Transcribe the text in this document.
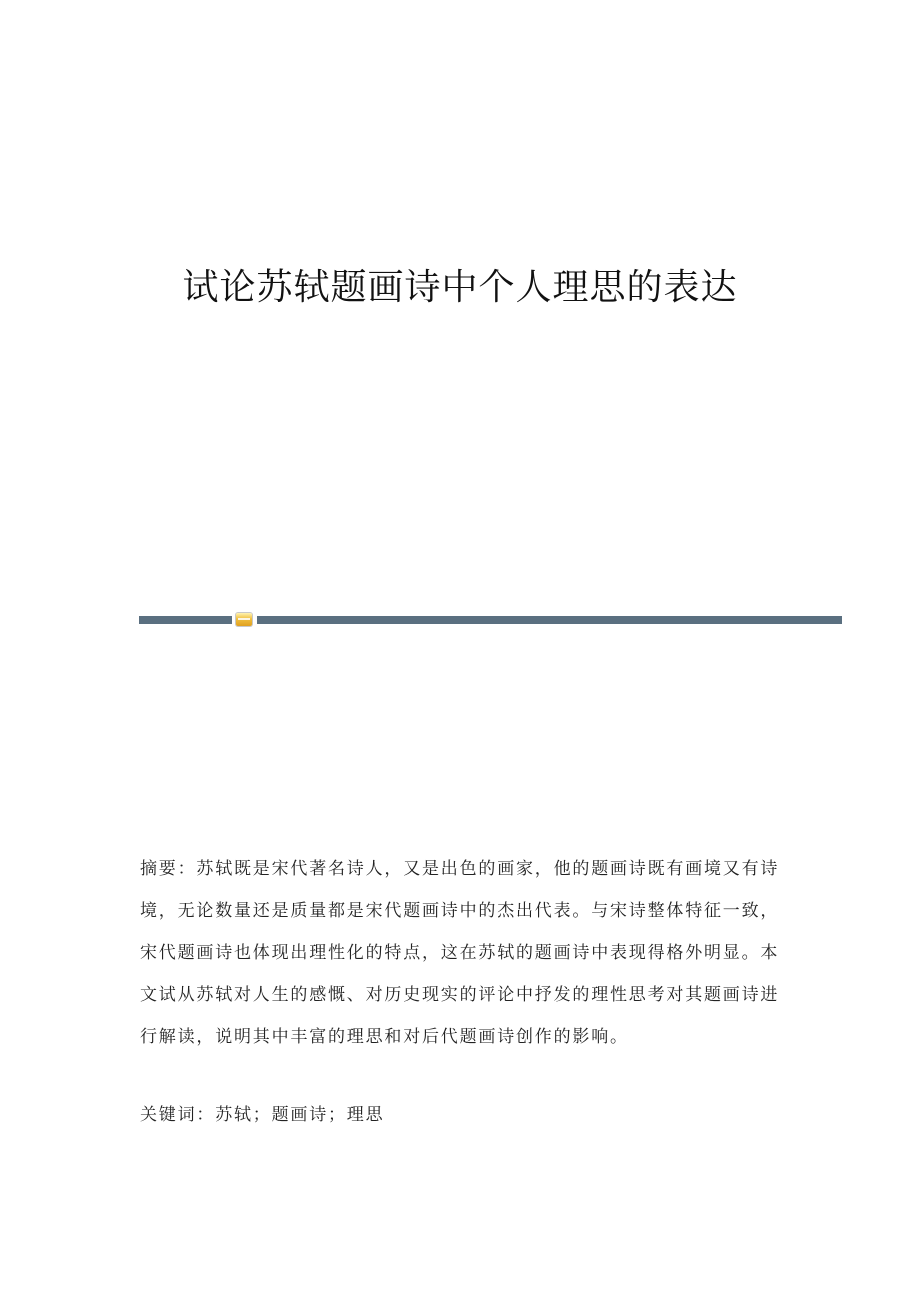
试论苏轼题画诗中个人理思的表达
摘要：苏轼既是宋代著名诗人，又是出色的画家，他的题画诗既有画境又有诗
境，无论数量还是质量都是宋代题画诗中的杰出代表。与宋诗整体特征一致，
宋代题画诗也体现出理性化的特点，这在苏轼的题画诗中表现得格外明显。本
文试从苏轼对人生的感慨、对历史现实的评论中抒发的理性思考对其题画诗进
行解读，说明其中丰富的理思和对后代题画诗创作的影响。
关键词：苏轼；题画诗；理思
